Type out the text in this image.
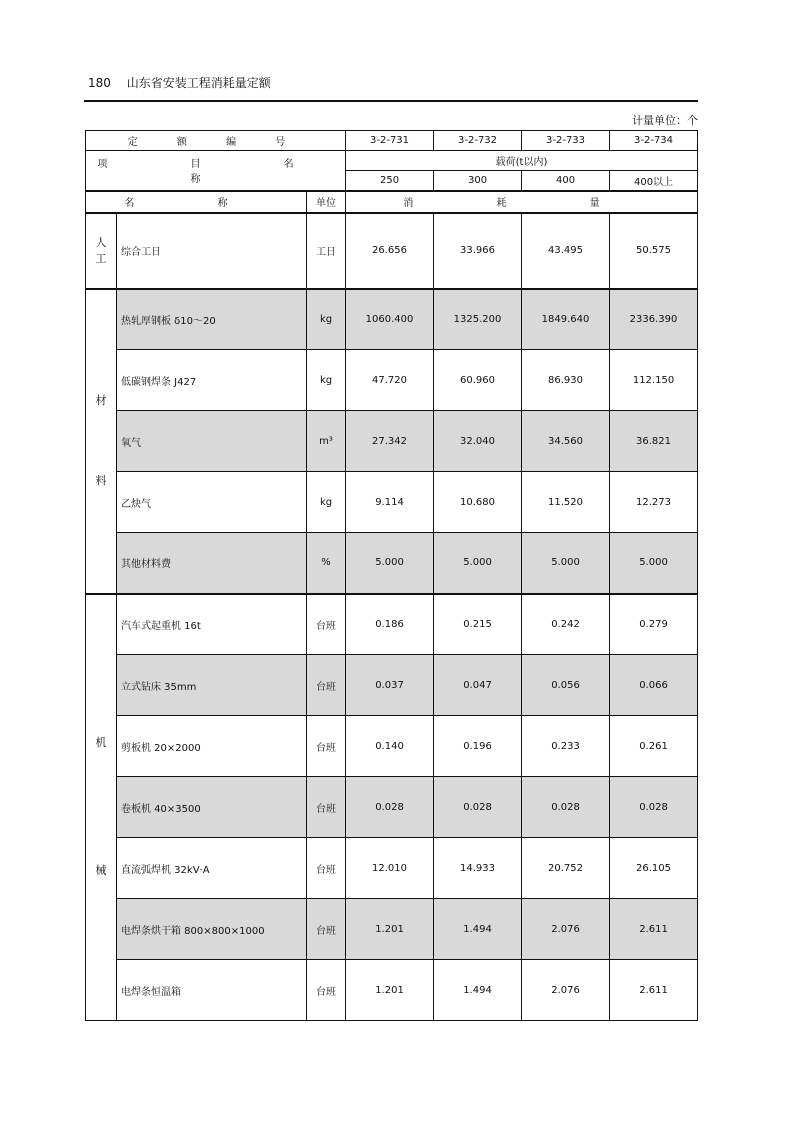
180 山东省安装工程消耗量定额
计量单位：个
定 额 编 号			3-2-731	3-2-732	3-2-733	3-2-734
项 目 名 称			载荷(t以内)			
			250	300	400	400以上
名 称		单位	消 耗 量			

人
工	综合工日	工日	26.656	33.966	43.495	50.575

材

料	热轧厚钢板 δ10～20	kg	1060.400	1325.200	1849.640	2336.390
	低碳钢焊条 J427	kg	47.720	60.960	86.930	112.150
	氧气	m³	27.342	32.040	34.560	36.821
	乙炔气	kg	9.114	10.680	11.520	12.273
	其他材料费	%	5.000	5.000	5.000	5.000

机

械	汽车式起重机 16t	台班	0.186	0.215	0.242	0.279
	立式钻床 35mm	台班	0.037	0.047	0.056	0.066
	剪板机 20×2000	台班	0.140	0.196	0.233	0.261
	卷板机 40×3500	台班	0.028	0.028	0.028	0.028
	直流弧焊机 32kV·A	台班	12.010	14.933	20.752	26.105
	电焊条烘干箱 800×800×1000	台班	1.201	1.494	2.076	2.611
	电焊条恒温箱	台班	1.201	1.494	2.076	2.611
